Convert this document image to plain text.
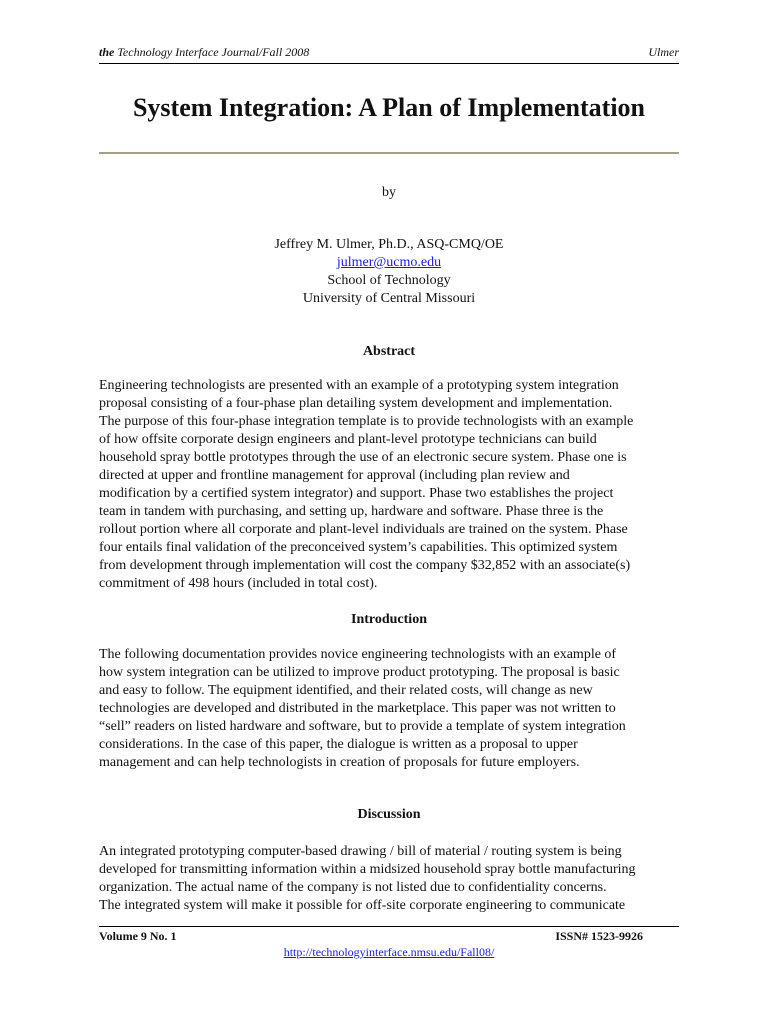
the Technology Interface Journal/Fall 2008	Ulmer
System Integration: A Plan of Implementation
by
Jeffrey M. Ulmer, Ph.D., ASQ-CMQ/OE
julmer@ucmo.edu
School of Technology
University of Central Missouri
Abstract
Engineering technologists are presented with an example of a prototyping system integration
proposal consisting of a four-phase plan detailing system development and implementation.
The purpose of this four-phase integration template is to provide technologists with an example
of how offsite corporate design engineers and plant-level prototype technicians can build
household spray bottle prototypes through the use of an electronic secure system. Phase one is
directed at upper and frontline management for approval (including plan review and
modification by a certified system integrator) and support. Phase two establishes the project
team in tandem with purchasing, and setting up, hardware and software. Phase three is the
rollout portion where all corporate and plant-level individuals are trained on the system. Phase
four entails final validation of the preconceived system’s capabilities. This optimized system
from development through implementation will cost the company $32,852 with an associate(s)
commitment of 498 hours (included in total cost).
Introduction
The following documentation provides novice engineering technologists with an example of
how system integration can be utilized to improve product prototyping. The proposal is basic
and easy to follow. The equipment identified, and their related costs, will change as new
technologies are developed and distributed in the marketplace. This paper was not written to
“sell” readers on listed hardware and software, but to provide a template of system integration
considerations. In the case of this paper, the dialogue is written as a proposal to upper
management and can help technologists in creation of proposals for future employers.
Discussion
An integrated prototyping computer-based drawing / bill of material / routing system is being
developed for transmitting information within a midsized household spray bottle manufacturing
organization. The actual name of the company is not listed due to confidentiality concerns.
The integrated system will make it possible for off-site corporate engineering to communicate
Volume 9 No. 1	ISSN# 1523-9926
http://technologyinterface.nmsu.edu/Fall08/
